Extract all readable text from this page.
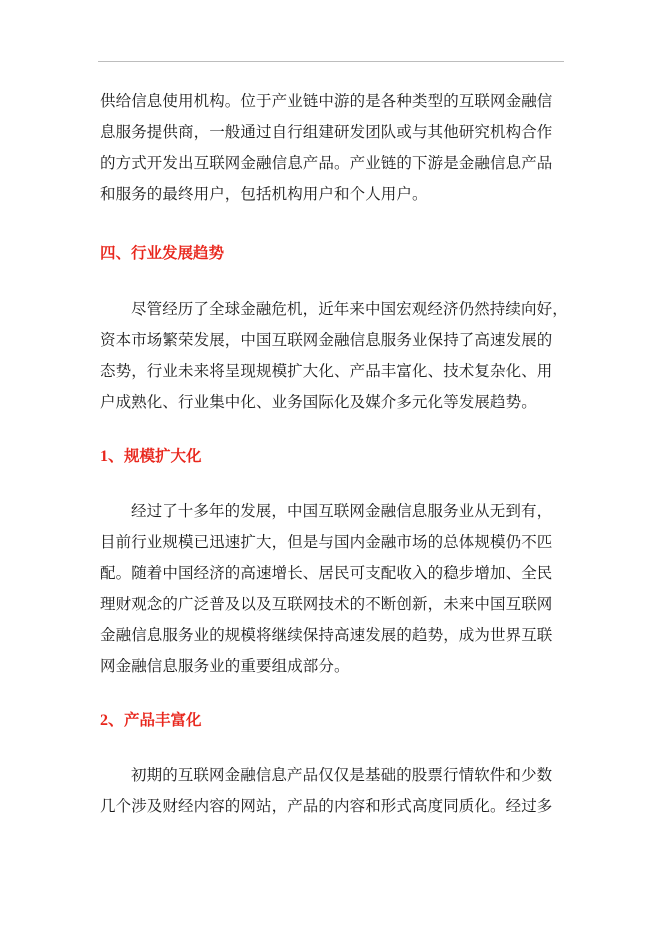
供给信息使用机构。位于产业链中游的是各种类型的互联网金融信
息服务提供商，一般通过自行组建研发团队或与其他研究机构合作
的方式开发出互联网金融信息产品。产业链的下游是金融信息产品
和服务的最终用户，包括机构用户和个人用户。

四、行业发展趋势

尽管经历了全球金融危机，近年来中国宏观经济仍然持续向好，
资本市场繁荣发展，中国互联网金融信息服务业保持了高速发展的
态势，行业未来将呈现规模扩大化、产品丰富化、技术复杂化、用
户成熟化、行业集中化、业务国际化及媒介多元化等发展趋势。

1、规模扩大化

经过了十多年的发展，中国互联网金融信息服务业从无到有，
目前行业规模已迅速扩大，但是与国内金融市场的总体规模仍不匹
配。随着中国经济的高速增长、居民可支配收入的稳步增加、全民
理财观念的广泛普及以及互联网技术的不断创新，未来中国互联网
金融信息服务业的规模将继续保持高速发展的趋势，成为世界互联
网金融信息服务业的重要组成部分。

2、产品丰富化

初期的互联网金融信息产品仅仅是基础的股票行情软件和少数
几个涉及财经内容的网站，产品的内容和形式高度同质化。经过多
